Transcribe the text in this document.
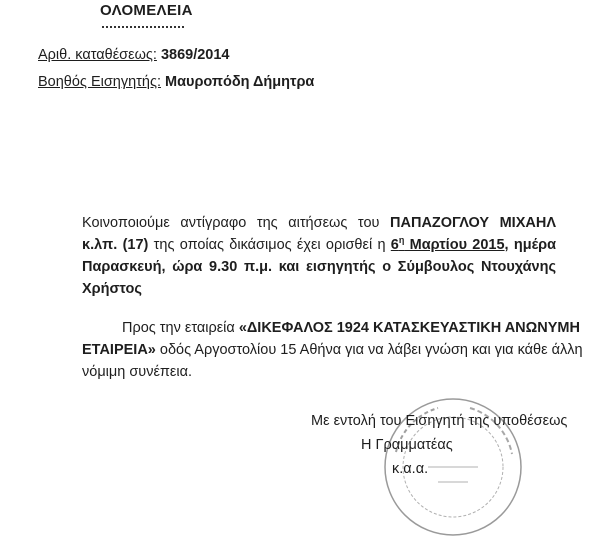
ΟΛΟΜΕΛΕΙΑ
Αριθ. καταθέσεως: 3869/2014
Βοηθός Εισηγητής: Μαυροπόδη Δήμητρα
Κοινοποιούμε αντίγραφο της αιτήσεως του ΠΑΠΑΖΟΓΛΟΥ ΜΙΧΑΗΛ
κ.λπ. (17) της οποίας δικάσιμος έχει ορισθεί η $6^\eta$ Μαρτίου 2015, ημέρα
Παρασκευή, ώρα 9.30 π.μ. και εισηγητής ο Σύμβουλος Ντουχάνης
Χρήστος
Προς την εταιρεία «ΔΙΚΕΦΑΛΟΣ 1924 ΚΑΤΑΣΚΕΥΑΣΤΙΚΗ ΑΝΩΝΥΜΗ
ΕΤΑΙΡΕΙΑ» οδός Αργοστολίου 15 Αθήνα για να λάβει γνώση και για κάθε άλλη
νόμιμη συνέπεια.
Με εντολή του Εισηγητή της υποθέσεως
Η Γραμματέας
κ.α.α.
